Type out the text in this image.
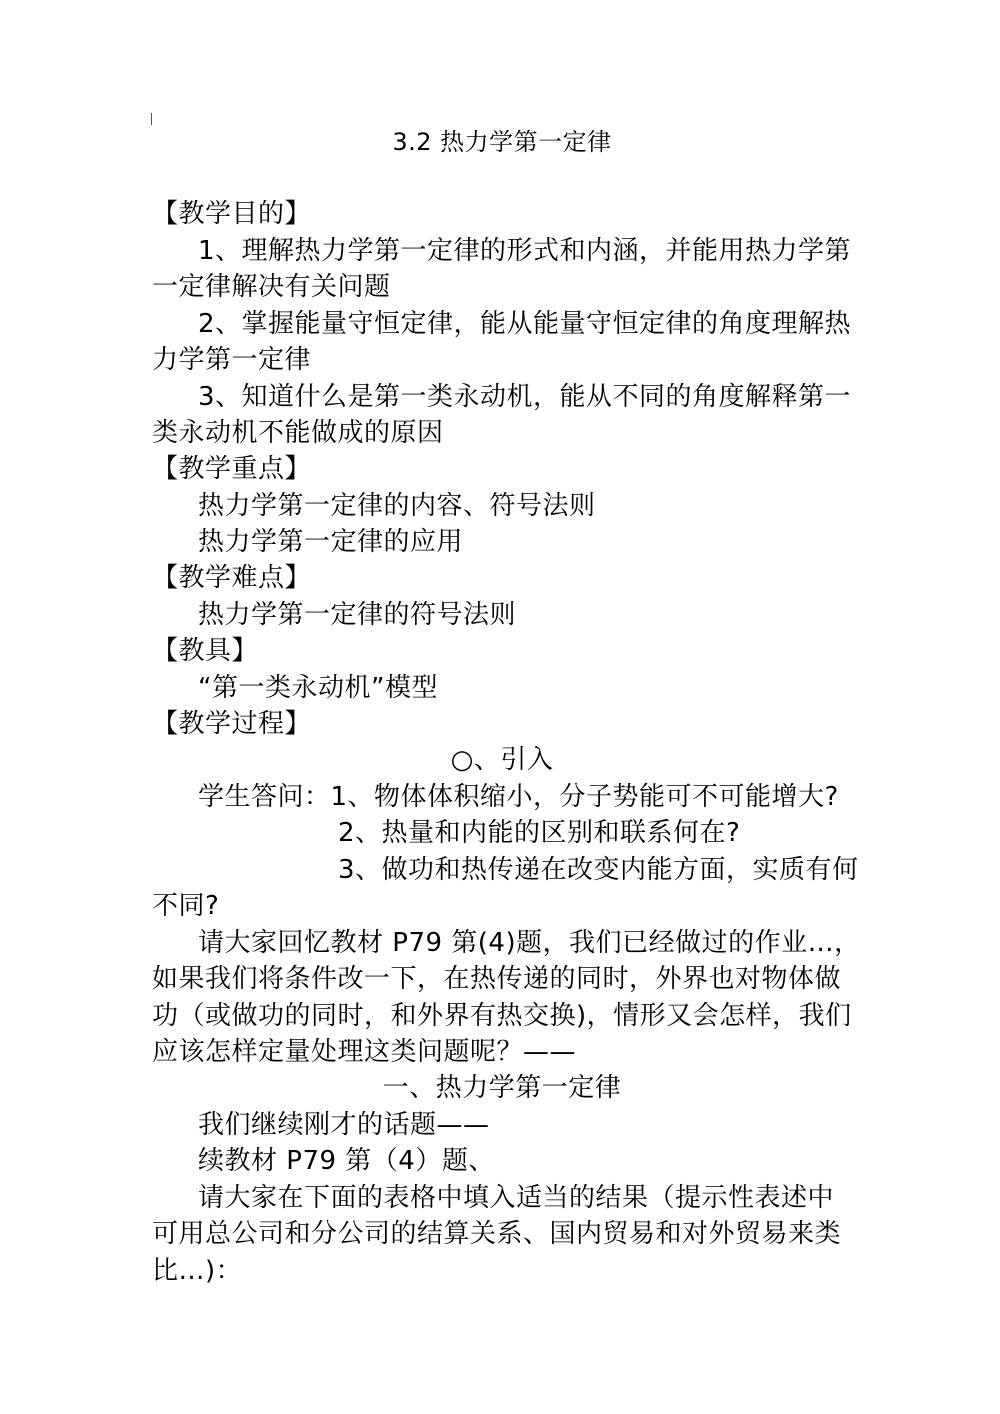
3.2 热力学第一定律
【教学目的】
1、理解热力学第一定律的形式和内涵，并能用热力学第
一定律解决有关问题
2、掌握能量守恒定律，能从能量守恒定律的角度理解热
力学第一定律
3、知道什么是第一类永动机，能从不同的角度解释第一
类永动机不能做成的原因
【教学重点】
热力学第一定律的内容、符号法则
热力学第一定律的应用
【教学难点】
热力学第一定律的符号法则
【教具】
“第一类永动机”模型
【教学过程】
○、引入
学生答问：1、物体体积缩小，分子势能可不可能增大?
2、热量和内能的区别和联系何在?
3、做功和热传递在改变内能方面，实质有何
不同?
请大家回忆教材 P79 第(4)题，我们已经做过的作业…，
如果我们将条件改一下，在热传递的同时，外界也对物体做
功（或做功的同时，和外界有热交换)，情形又会怎样，我们
应该怎样定量处理这类问题呢？——
一、热力学第一定律
我们继续刚才的话题——
续教材 P79 第（4）题、
请大家在下面的表格中填入适当的结果（提示性表述中
可用总公司和分公司的结算关系、国内贸易和对外贸易来类
比…)：
